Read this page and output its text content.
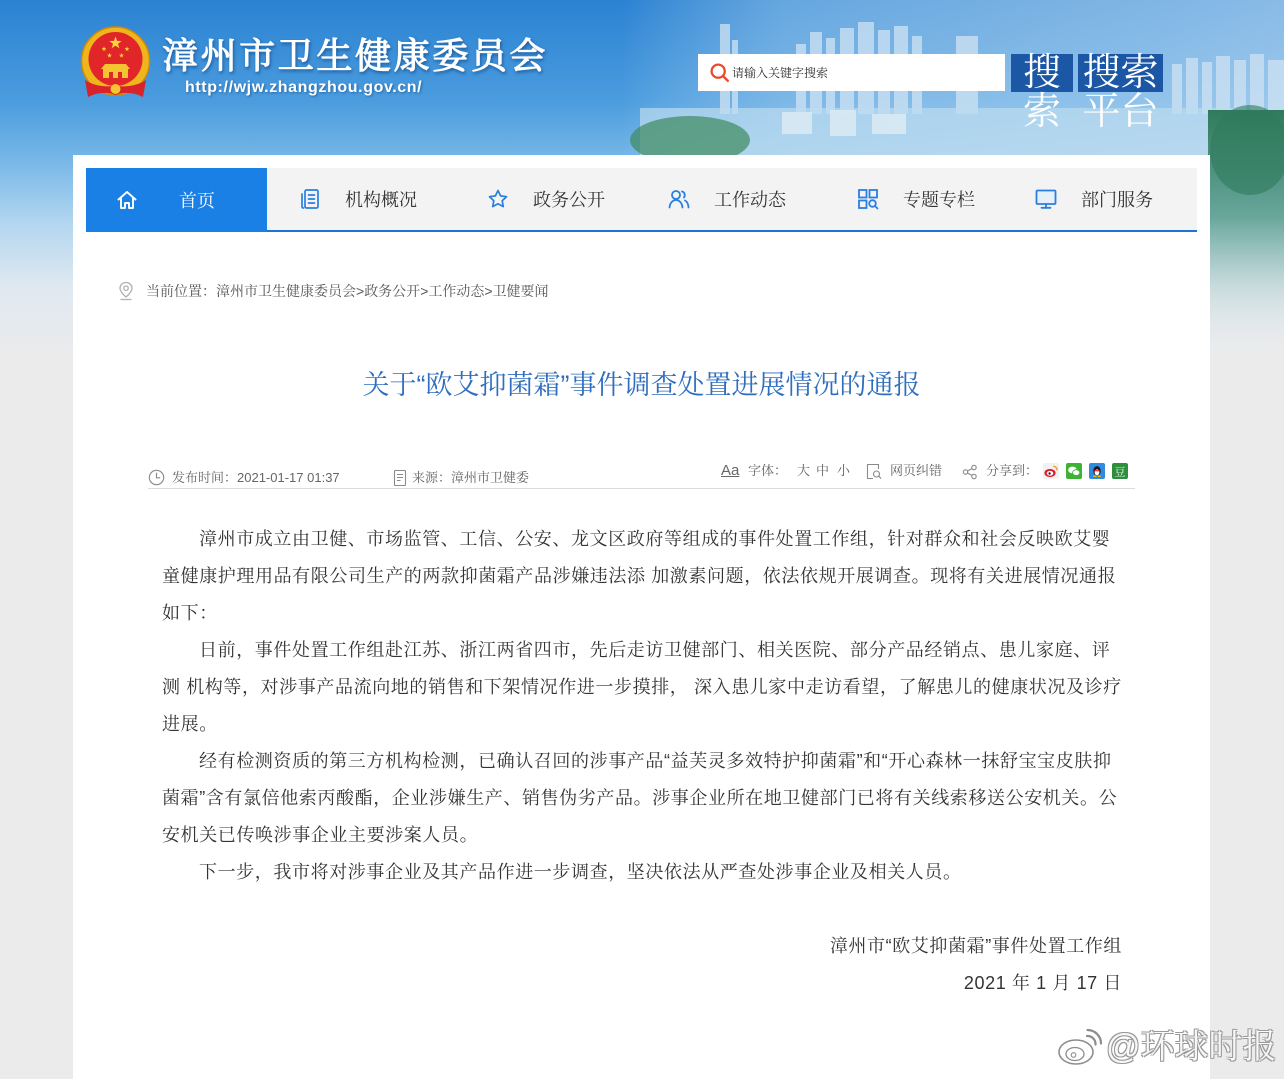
漳州市卫生健康委员会
http://wjw.zhangzhou.gov.cn/
请输入关键字搜索	搜
索
搜索
平台
首页	机构概况	政务公开	工作动态	专题专栏	部门服务
当前位置：漳州市卫生健康委员会>政务公开>工作动态>卫健要闻
关于“欧艾抑菌霜”事件调查处置进展情况的通报
发布时间：2021-01-17 01:37	来源：漳州市卫健委	Aa 字体： 大 中 小	网页纠错	分享到：	豆
漳州市成立由卫健、市场监管、工信、公安、龙文区政府等组成的事件处置工作组，针对群众和社会反映欧艾婴
童健康护理用品有限公司生产的两款抑菌霜产品涉嫌违法添 加激素问题，依法依规开展调查。现将有关进展情况通报
如下：
日前，事件处置工作组赴江苏、浙江两省四市，先后走访卫健部门、相关医院、部分产品经销点、患儿家庭、评
测 机构等，对涉事产品流向地的销售和下架情况作进一步摸排， 深入患儿家中走访看望，了解患儿的健康状况及诊疗
进展。
经有检测资质的第三方机构检测，已确认召回的涉事产品“益芙灵多效特护抑菌霜”和“开心森林一抹舒宝宝皮肤抑
菌霜”含有氯倍他索丙酸酯，企业涉嫌生产、销售伪劣产品。涉事企业所在地卫健部门已将有关线索移送公安机关。公
安机关已传唤涉事企业主要涉案人员。
下一步，我市将对涉事企业及其产品作进一步调查，坚决依法从严查处涉事企业及相关人员。
漳州市“欧艾抑菌霜”事件处置工作组
2021 年 1 月 17 日
@环球时报
